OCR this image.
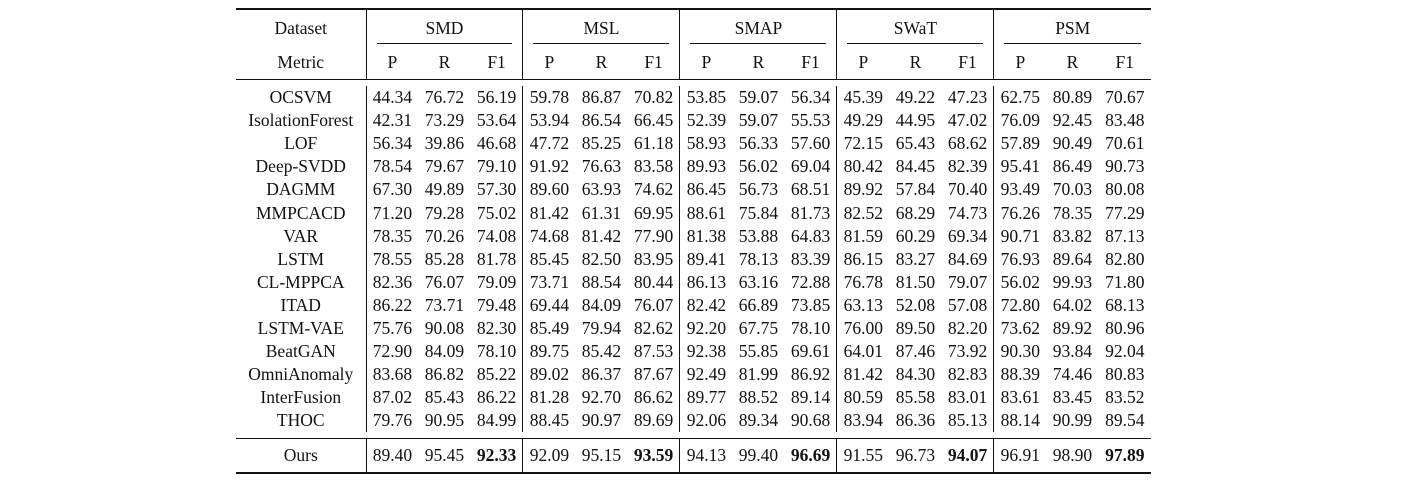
Dataset	SMD			MSL			SMAP			SWaT			PSM		

Metric	P	R	F1	P	R	F1	P	R	F1	P	R	F1	P	R	F1

OCSVM	44.34	76.72	56.19	59.78	86.87	70.82	53.85	59.07	56.34	45.39	49.22	47.23	62.75	80.89	70.67
IsolationForest	42.31	73.29	53.64	53.94	86.54	66.45	52.39	59.07	55.53	49.29	44.95	47.02	76.09	92.45	83.48
LOF	56.34	39.86	46.68	47.72	85.25	61.18	58.93	56.33	57.60	72.15	65.43	68.62	57.89	90.49	70.61
Deep-SVDD	78.54	79.67	79.10	91.92	76.63	83.58	89.93	56.02	69.04	80.42	84.45	82.39	95.41	86.49	90.73
DAGMM	67.30	49.89	57.30	89.60	63.93	74.62	86.45	56.73	68.51	89.92	57.84	70.40	93.49	70.03	80.08
MMPCACD	71.20	79.28	75.02	81.42	61.31	69.95	88.61	75.84	81.73	82.52	68.29	74.73	76.26	78.35	77.29
VAR	78.35	70.26	74.08	74.68	81.42	77.90	81.38	53.88	64.83	81.59	60.29	69.34	90.71	83.82	87.13
LSTM	78.55	85.28	81.78	85.45	82.50	83.95	89.41	78.13	83.39	86.15	83.27	84.69	76.93	89.64	82.80
CL-MPPCA	82.36	76.07	79.09	73.71	88.54	80.44	86.13	63.16	72.88	76.78	81.50	79.07	56.02	99.93	71.80
ITAD	86.22	73.71	79.48	69.44	84.09	76.07	82.42	66.89	73.85	63.13	52.08	57.08	72.80	64.02	68.13
LSTM-VAE	75.76	90.08	82.30	85.49	79.94	82.62	92.20	67.75	78.10	76.00	89.50	82.20	73.62	89.92	80.96
BeatGAN	72.90	84.09	78.10	89.75	85.42	87.53	92.38	55.85	69.61	64.01	87.46	73.92	90.30	93.84	92.04
OmniAnomaly	83.68	86.82	85.22	89.02	86.37	87.67	92.49	81.99	86.92	81.42	84.30	82.83	88.39	74.46	80.83
InterFusion	87.02	85.43	86.22	81.28	92.70	86.62	89.77	88.52	89.14	80.59	85.58	83.01	83.61	83.45	83.52
THOC	79.76	90.95	84.99	88.45	90.97	89.69	92.06	89.34	90.68	83.94	86.36	85.13	88.14	90.99	89.54

Ours	89.40	95.45	92.33	92.09	95.15	93.59	94.13	99.40	96.69	91.55	96.73	94.07	96.91	98.90	97.89
